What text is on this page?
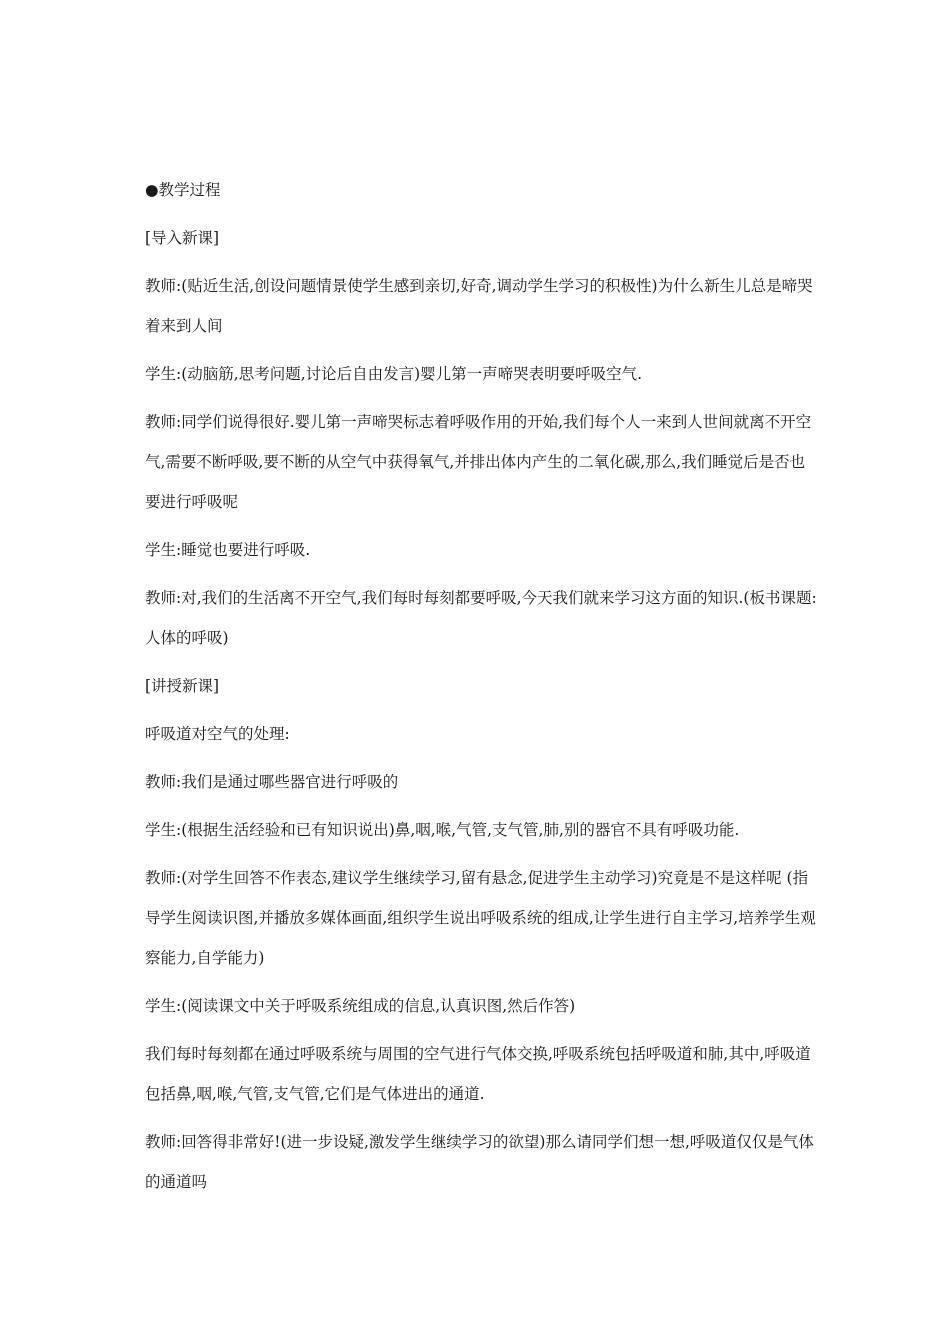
●教学过程

[导入新课]

教师:(贴近生活,创设问题情景使学生感到亲切,好奇,调动学生学习的积极性)为什么新生儿总是啼哭着来到人间

学生:(动脑筋,思考问题,讨论后自由发言)婴儿第一声啼哭表明要呼吸空气.

教师:同学们说得很好.婴儿第一声啼哭标志着呼吸作用的开始,我们每个人一来到人世间就离不开空气,需要不断呼吸,要不断的从空气中获得氧气,并排出体内产生的二氧化碳,那么,我们睡觉后是否也要进行呼吸呢

学生:睡觉也要进行呼吸.

教师:对,我们的生活离不开空气,我们每时每刻都要呼吸,今天我们就来学习这方面的知识.(板书课题:人体的呼吸)

[讲授新课]

呼吸道对空气的处理:

教师:我们是通过哪些器官进行呼吸的

学生:(根据生活经验和已有知识说出)鼻,咽,喉,气管,支气管,肺,别的器官不具有呼吸功能.

教师:(对学生回答不作表态,建议学生继续学习,留有悬念,促进学生主动学习)究竟是不是这样呢 (指导学生阅读识图,并播放多媒体画面,组织学生说出呼吸系统的组成,让学生进行自主学习,培养学生观察能力,自学能力)

学生:(阅读课文中关于呼吸系统组成的信息,认真识图,然后作答)

我们每时每刻都在通过呼吸系统与周围的空气进行气体交换,呼吸系统包括呼吸道和肺,其中,呼吸道包括鼻,咽,喉,气管,支气管,它们是气体进出的通道.

教师:回答得非常好!(进一步设疑,激发学生继续学习的欲望)那么请同学们想一想,呼吸道仅仅是气体的通道吗
